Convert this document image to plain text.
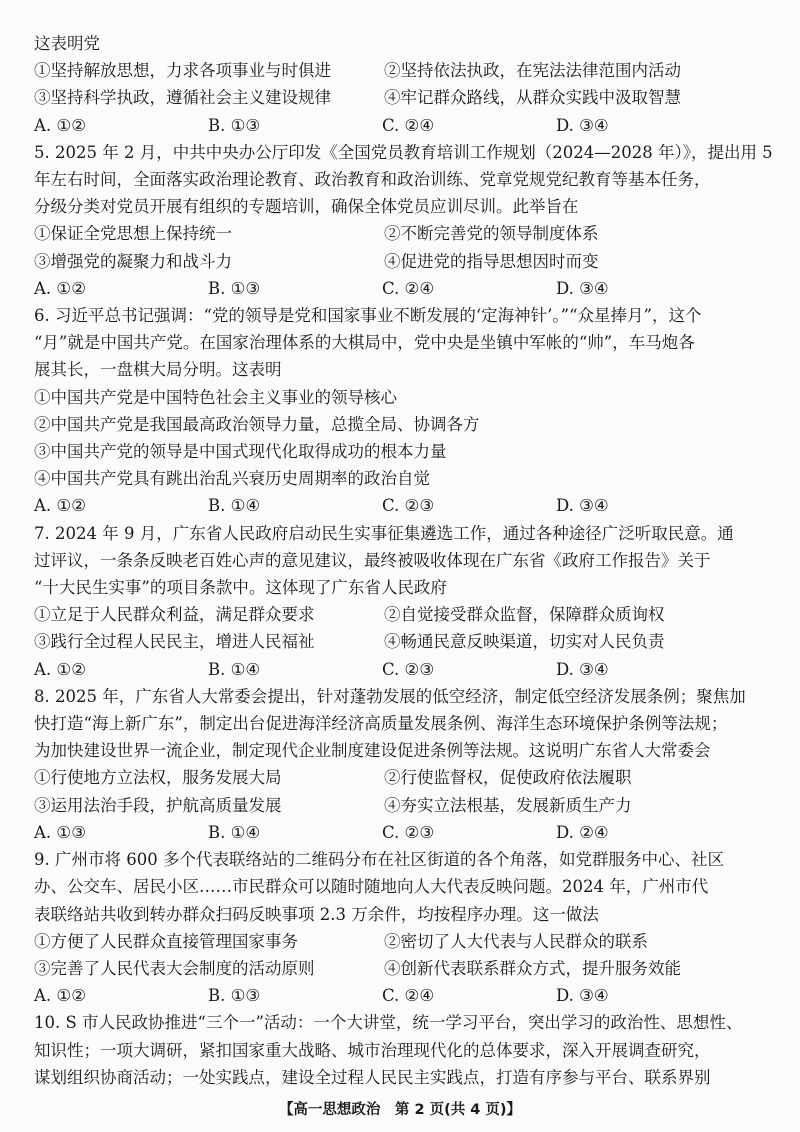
这表明党
①坚持解放思想，力求各项事业与时俱进	②坚持依法执政，在宪法法律范围内活动
③坚持科学执政，遵循社会主义建设规律	④牢记群众路线，从群众实践中汲取智慧
A. ①②	B. ①③	C. ②④	D. ③④
5. 2025 年 2 月，中共中央办公厅印发《全国党员教育培训工作规划（2024—2028 年）》，提出用 5
年左右时间，全面落实政治理论教育、政治教育和政治训练、党章党规党纪教育等基本任务，
分级分类对党员开展有组织的专题培训，确保全体党员应训尽训。此举旨在
①保证全党思想上保持统一	②不断完善党的领导制度体系
③增强党的凝聚力和战斗力	④促进党的指导思想因时而变
A. ①②	B. ①③	C. ②④	D. ③④
6. 习近平总书记强调：“党的领导是党和国家事业不断发展的‘定海神针’。”“众星捧月”，这个
“月”就是中国共产党。在国家治理体系的大棋局中，党中央是坐镇中军帐的“帅”，车马炮各
展其长，一盘棋大局分明。这表明
①中国共产党是中国特色社会主义事业的领导核心
②中国共产党是我国最高政治领导力量，总揽全局、协调各方
③中国共产党的领导是中国式现代化取得成功的根本力量
④中国共产党具有跳出治乱兴衰历史周期率的政治自觉
A. ①②	B. ①④	C. ②③	D. ③④
7. 2024 年 9 月，广东省人民政府启动民生实事征集遴选工作，通过各种途径广泛听取民意。通
过评议，一条条反映老百姓心声的意见建议，最终被吸收体现在广东省《政府工作报告》关于
“十大民生实事”的项目条款中。这体现了广东省人民政府
①立足于人民群众利益，满足群众要求	②自觉接受群众监督，保障群众质询权
③践行全过程人民民主，增进人民福祉	④畅通民意反映渠道，切实对人民负责
A. ①②	B. ①④	C. ②③	D. ③④
8. 2025 年，广东省人大常委会提出，针对蓬勃发展的低空经济，制定低空经济发展条例；聚焦加
快打造“海上新广东”，制定出台促进海洋经济高质量发展条例、海洋生态环境保护条例等法规；
为加快建设世界一流企业，制定现代企业制度建设促进条例等法规。这说明广东省人大常委会
①行使地方立法权，服务发展大局	②行使监督权，促使政府依法履职
③运用法治手段，护航高质量发展	④夯实立法根基，发展新质生产力
A. ①③	B. ①④	C. ②③	D. ②④
9. 广州市将 600 多个代表联络站的二维码分布在社区街道的各个角落，如党群服务中心、社区
办、公交车、居民小区……市民群众可以随时随地向人大代表反映问题。2024 年，广州市代
表联络站共收到转办群众扫码反映事项 2.3 万余件，均按程序办理。这一做法
①方便了人民群众直接管理国家事务	②密切了人大代表与人民群众的联系
③完善了人民代表大会制度的活动原则	④创新代表联系群众方式，提升服务效能
A. ①②	B. ①③	C. ②④	D. ③④
10. S 市人民政协推进“三个一”活动：一个大讲堂，统一学习平台，突出学习的政治性、思想性、
知识性；一项大调研，紧扣国家重大战略、城市治理现代化的总体要求，深入开展调查研究，
谋划组织协商活动；一处实践点，建设全过程人民民主实践点，打造有序参与平台、联系界别
【高一思想政治　第 2 页(共 4 页)】
